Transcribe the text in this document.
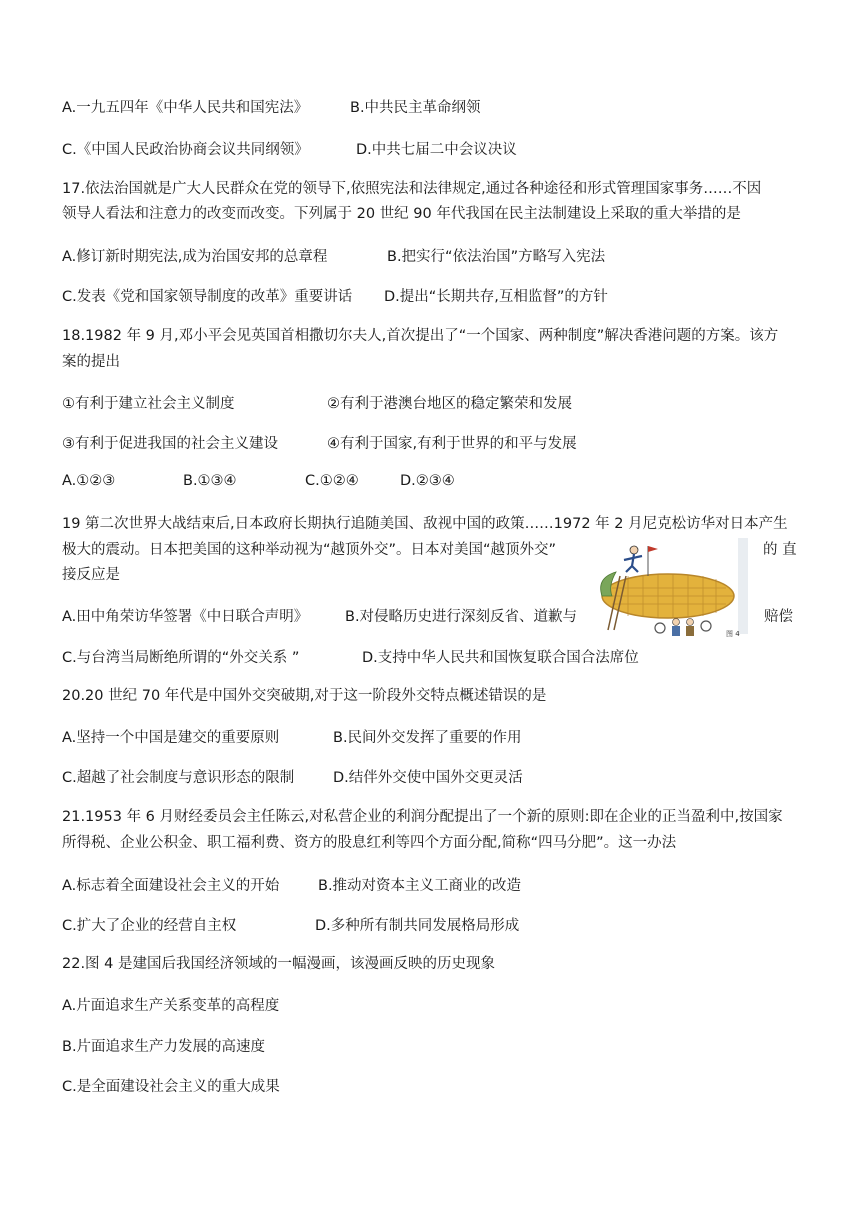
A.一九五四年《中华人民共和国宪法》	B.中共民主革命纲领
C.《中国人民政治协商会议共同纲领》	D.中共七届二中会议决议
17.依法治国就是广大人民群众在党的领导下,依照宪法和法律规定,通过各种途径和形式管理国家事务……不因
领导人看法和注意力的改变而改变。下列属于 20 世纪 90 年代我国在民主法制建设上采取的重大举措的是
A.修订新时期宪法,成为治国安邦的总章程	B.把实行“依法治国”方略写入宪法
C.发表《党和国家领导制度的改革》重要讲话 D.提出“长期共存,互相监督”的方针
18.1982 年 9 月,邓小平会见英国首相撒切尔夫人,首次提出了“一个国家、两种制度”解决香港问题的方案。该方
案的提出
①有利于建立社会主义制度	②有利于港澳台地区的稳定繁荣和发展
③有利于促进我国的社会主义建设	④有利于国家,有利于世界的和平与发展
A.①②③	B.①③④	C.①②④	D.②③④
19 第二次世界大战结束后,日本政府长期执行追随美国、敌视中国的政策……1972 年 2 月尼克松访华对日本产生
极大的震动。日本把美国的这种举动视为“越顶外交”。日本对美国“越顶外交”	的 直
接反应是
A.田中角荣访华签署《中日联合声明》	B.对侵略历史进行深刻反省、道歉与	赔偿
C.与台湾当局断绝所谓的“外交关系 ”	D.支持中华人民共和国恢复联合国合法席位
图 4
20.20 世纪 70 年代是中国外交突破期,对于这一阶段外交特点概述错误的是
A.坚持一个中国是建交的重要原则	B.民间外交发挥了重要的作用
C.超越了社会制度与意识形态的限制	D.结伴外交使中国外交更灵活
21.1953 年 6 月财经委员会主任陈云,对私营企业的利润分配提出了一个新的原则:即在企业的正当盈利中,按国家
所得税、企业公积金、职工福利费、资方的股息红利等四个方面分配,简称“四马分肥”。这一办法
A.标志着全面建设社会主义的开始	B.推动对资本主义工商业的改造
C.扩大了企业的经营自主权	D.多种所有制共同发展格局形成
22.图 4 是建国后我国经济领域的一幅漫画，该漫画反映的历史现象
A.片面追求生产关系变革的高程度
B.片面追求生产力发展的高速度
C.是全面建设社会主义的重大成果
